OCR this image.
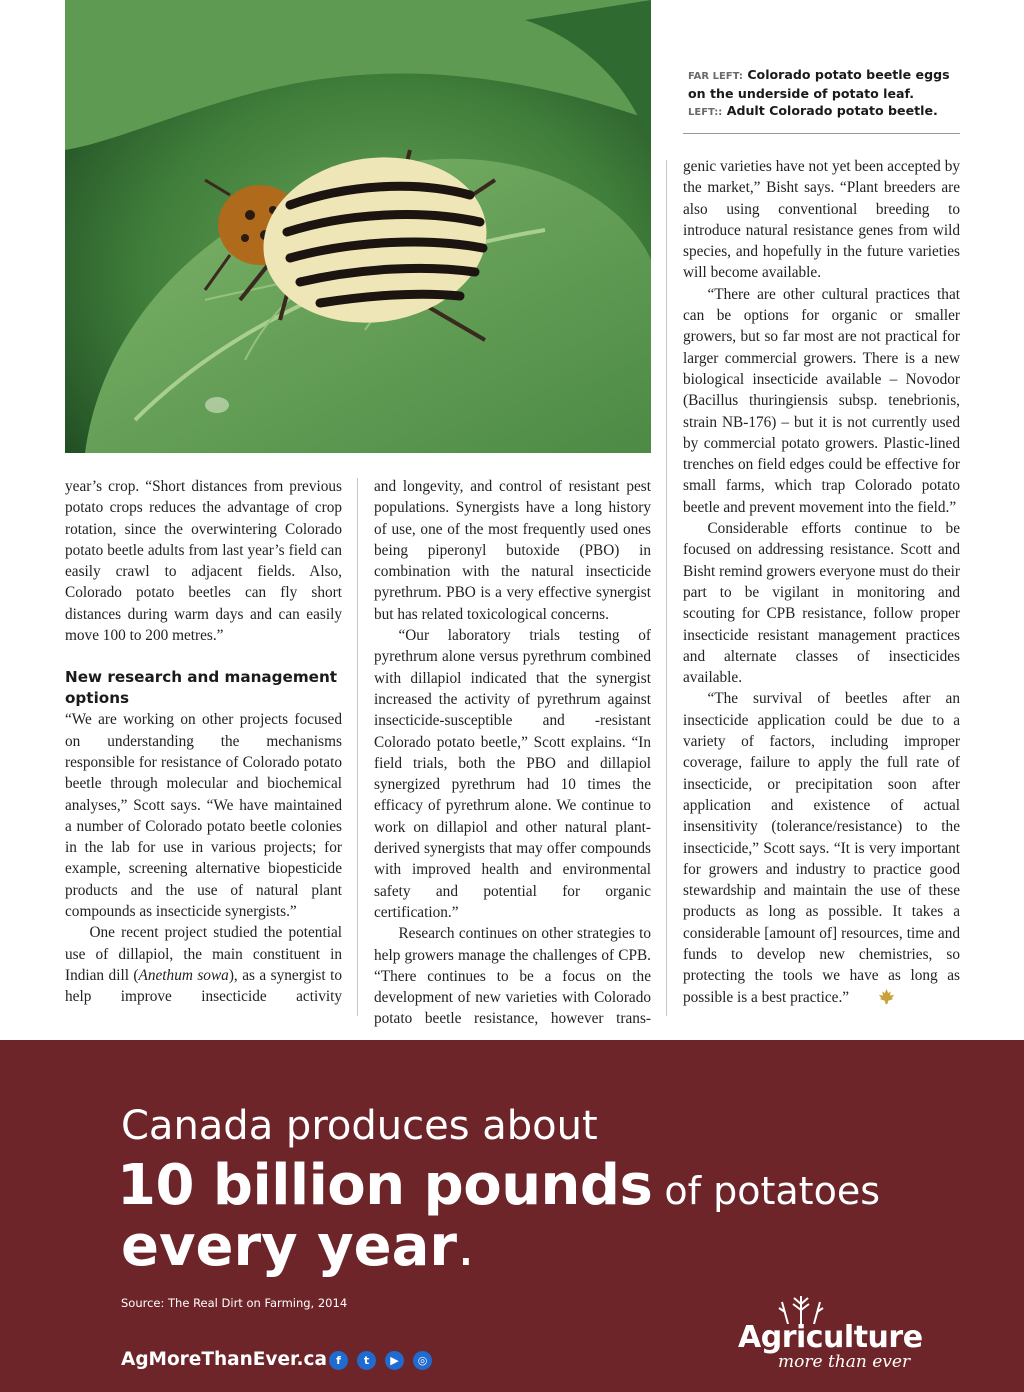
FAR LEFT: Colorado potato beetle eggs on the underside of potato leaf.
LEFT:: Adult Colorado potato beetle.

year’s crop. “Short distances from previous potato crops reduces the advantage of crop rotation, since the overwintering Colorado potato beetle adults from last year’s field can easily crawl to adjacent fields. Also, Colorado potato beetles can fly short distances during warm days and can easily move 100 to 200 metres.”

New research and management options

“We are working on other projects focused on understanding the mechanisms responsible for resistance of Colorado potato beetle through molecular and biochemical analyses,” Scott says. “We have maintained a number of Colorado potato beetle colonies in the lab for use in various projects; for example, screening alternative biopesticide products and the use of natural plant compounds as insecticide synergists.”

One recent project studied the potential use of dillapiol, the main constituent in Indian dill (Anethum sowa), as a synergist to help improve insecticide activity

and longevity, and control of resistant pest populations. Synergists have a long history of use, one of the most frequently used ones being piperonyl butoxide (PBO) in combination with the natural insecticide pyrethrum. PBO is a very effective synergist but has related toxicological concerns.

“Our laboratory trials testing of pyrethrum alone versus pyrethrum combined with dillapiol indicated that the synergist increased the activity of pyrethrum against insecticide-susceptible and -resistant Colorado potato beetle,” Scott explains. “In field trials, both the PBO and dillapiol synergized pyrethrum had 10 times the efficacy of pyrethrum alone. We continue to work on dillapiol and other natural plant-derived synergists that may offer compounds with improved health and environmental safety and potential for organic certification.”

Research continues on other strategies to help growers manage the challenges of CPB. “There continues to be a focus on the development of new varieties with Colorado potato beetle resistance, however trans-

genic varieties have not yet been accepted by the market,” Bisht says. “Plant breeders are also using conventional breeding to introduce natural resistance genes from wild species, and hopefully in the future varieties will become available.

“There are other cultural practices that can be options for organic or smaller growers, but so far most are not practical for larger commercial growers. There is a new biological insecticide available – Novodor (Bacillus thuringiensis subsp. tenebrionis, strain NB-176) – but it is not currently used by commercial potato growers. Plastic-lined trenches on field edges could be effective for small farms, which trap Colorado potato beetle and prevent movement into the field.”

Considerable efforts continue to be focused on addressing resistance. Scott and Bisht remind growers everyone must do their part to be vigilant in monitoring and scouting for CPB resistance, follow proper insecticide resistant management practices and alternate classes of insecticides available.

“The survival of beetles after an insecticide application could be due to a variety of factors, including improper coverage, failure to apply the full rate of insecticide, or precipitation soon after application and existence of actual insensitivity (tolerance/resistance) to the insecticide,” Scott says. “It is very important for growers and industry to practice good stewardship and maintain the use of these products as long as possible. It takes a considerable [amount of] resources, time and funds to develop new chemistries, so protecting the tools we have as long as possible is a best practice.”

Canada produces about
10 billion pounds of potatoes
every year.
Source: The Real Dirt on Farming, 2014
AgMoreThanEver.ca f	t	▶	◎
Agriculture
more than ever
